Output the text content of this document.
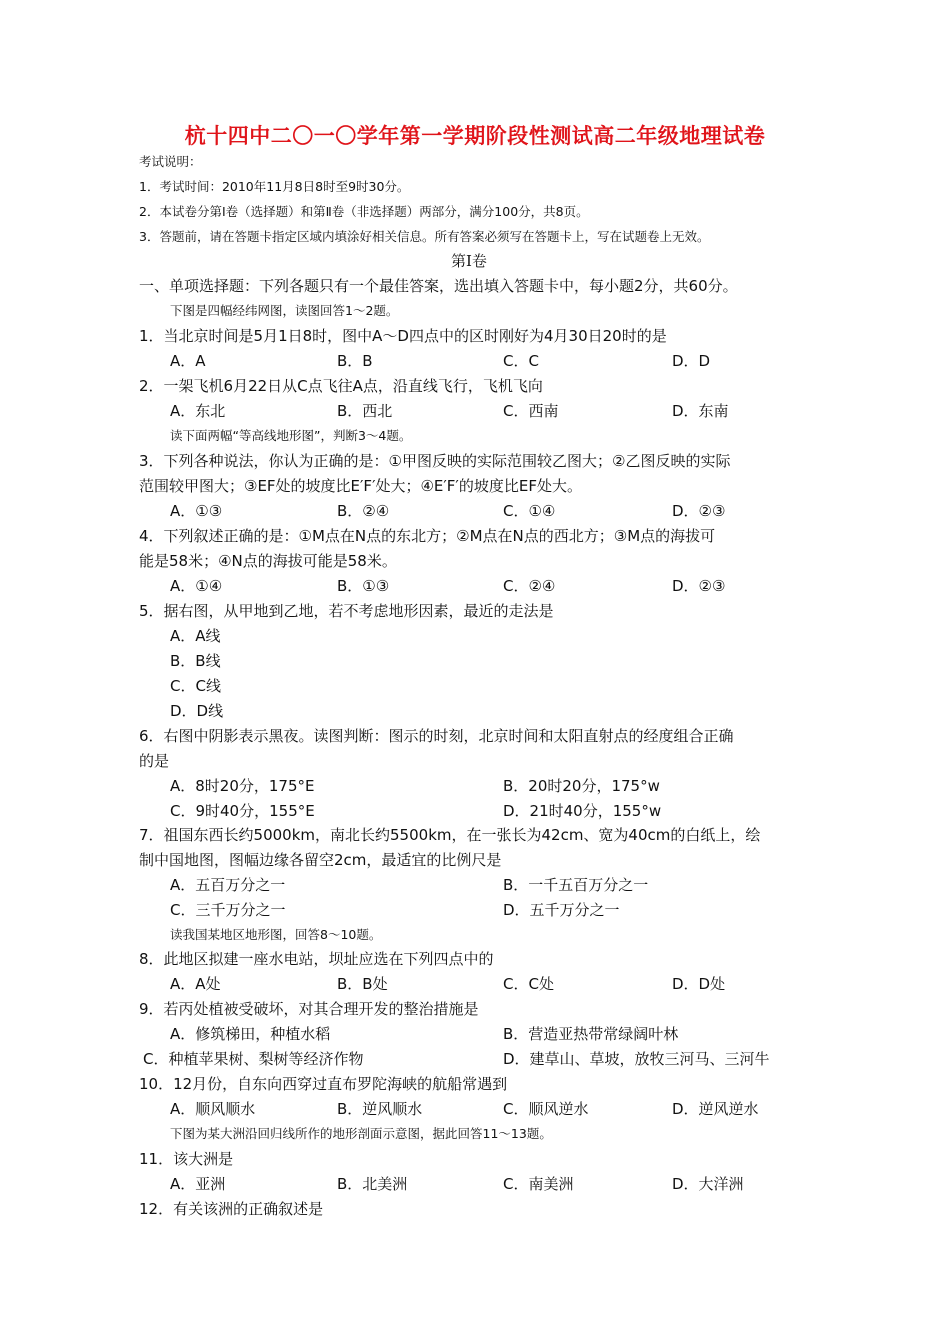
杭十四中二〇一〇学年第一学期阶段性测试高二年级地理试卷
考试说明：
1．考试时间：2010年11月8日8时至9时30分。
2．本试卷分第Ⅰ卷（选择题）和第Ⅱ卷（非选择题）两部分，满分100分，共8页。
3．答题前，请在答题卡指定区域内填涂好相关信息。所有答案必须写在答题卡上，写在试题卷上无效。
第Ⅰ卷
一、单项选择题：下列各题只有一个最佳答案，选出填入答题卡中，每小题2分，共60分。
下图是四幅经纬网图，读图回答1～2题。
1．当北京时间是5月1日8时，图中A～D四点中的区时刚好为4月30日20时的是
A．A	B．B	C．C	D．D
2．一架飞机6月22日从C点飞往A点，沿直线飞行，飞机飞向
A．东北	B．西北	C．西南	D．东南
读下面两幅“等高线地形图”，判断3～4题。
3．下列各种说法，你认为正确的是：①甲图反映的实际范围较乙图大；②乙图反映的实际
范围较甲图大；③EF处的坡度比E′F′处大；④E′F′的坡度比EF处大。
A．①③	B．②④	C．①④	D．②③
4．下列叙述正确的是：①M点在N点的东北方；②M点在N点的西北方；③M点的海拔可
能是58米；④N点的海拔可能是58米。
A．①④	B．①③	C．②④	D．②③
5．据右图，从甲地到乙地，若不考虑地形因素，最近的走法是
A．A线
B．B线
C．C线
D．D线
6．右图中阴影表示黑夜。读图判断：图示的时刻，北京时间和太阳直射点的经度组合正确
的是
A．8时20分，175°E	B．20时20分，175°w
C．9时40分，155°E	D．21时40分，155°w
7．祖国东西长约5000km，南北长约5500km，在一张长为42cm、宽为40cm的白纸上，绘
制中国地图，图幅边缘各留空2cm，最适宜的比例尺是
A．五百万分之一	B．一千五百万分之一
C．三千万分之一	D．五千万分之一
读我国某地区地形图，回答8～10题。
8．此地区拟建一座水电站，坝址应选在下列四点中的
A．A处	B．B处	C．C处	D．D处
9．若丙处植被受破坏，对其合理开发的整治措施是
A．修筑梯田，种植水稻	B．营造亚热带常绿阔叶林
C．种植苹果树、梨树等经济作物	D．建草山、草坡，放牧三河马、三河牛
10．12月份，自东向西穿过直布罗陀海峡的航船常遇到
A．顺风顺水	B．逆风顺水	C．顺风逆水	D．逆风逆水
下图为某大洲沿回归线所作的地形剖面示意图，据此回答11～13题。
11．该大洲是
A．亚洲	B．北美洲	C．南美洲	D．大洋洲
12．有关该洲的正确叙述是
